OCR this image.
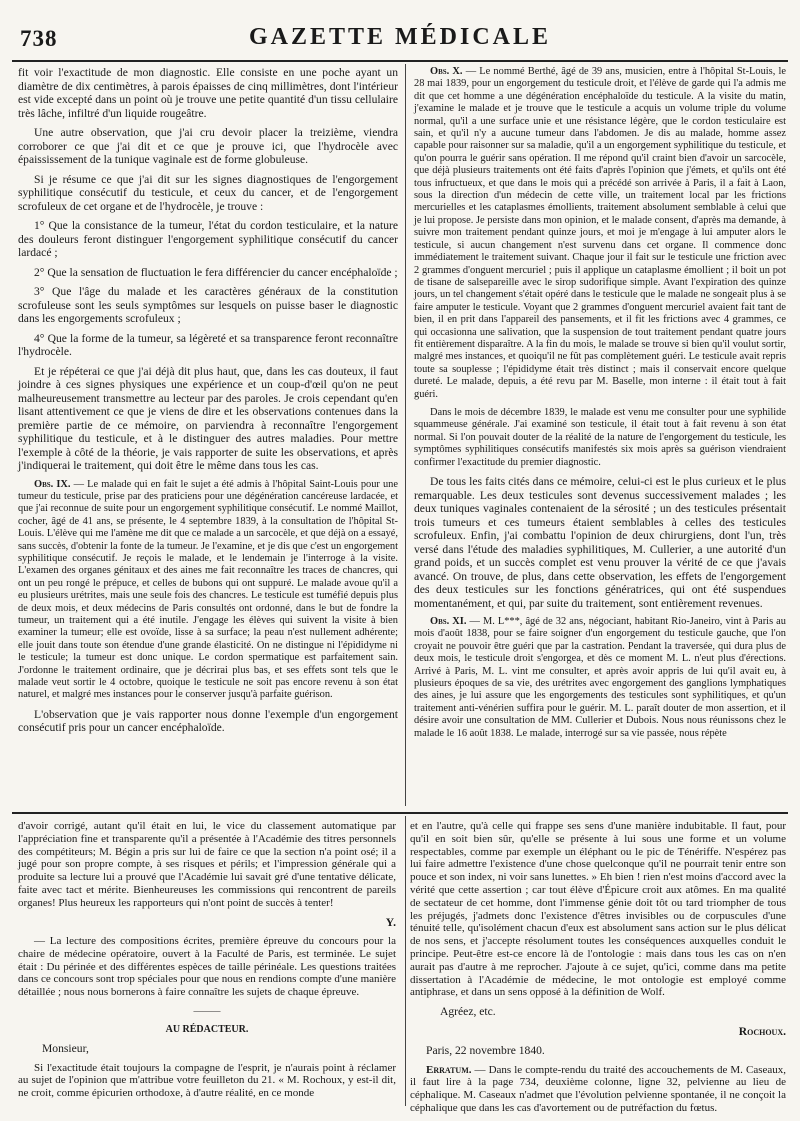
738	GAZETTE MÉDICALE

fit voir l'exactitude de mon diagnostic. Elle consiste en une poche ayant un diamètre de dix centimètres, à parois épaisses de cinq millimètres, dont l'intérieur est vide excepté dans un point où je trouve une petite quantité d'un tissu cellulaire très lâche, infiltré d'un liquide rougeâtre.

Une autre observation, que j'ai cru devoir placer la treizième, viendra corroborer ce que j'ai dit et ce que je prouve ici, que l'hydrocèle avec épaississement de la tunique vaginale est de forme globuleuse.

Si je résume ce que j'ai dit sur les signes diagnostiques de l'engorgement syphilitique consécutif du testicule, et ceux du cancer, et de l'engorgement scrofuleux de cet organe et de l'hydrocèle, je trouve :

1° Que la consistance de la tumeur, l'état du cordon testiculaire, et la nature des douleurs feront distinguer l'engorgement syphilitique consécutif du cancer lardacé ;

2° Que la sensation de fluctuation le fera différencier du cancer encéphaloïde ;

3° Que l'âge du malade et les caractères généraux de la constitution scrofuleuse sont les seuls symptômes sur lesquels on puisse baser le diagnostic dans les engorgements scrofuleux ;

4° Que la forme de la tumeur, sa légèreté et sa transparence feront reconnaître l'hydrocèle.

Et je répéterai ce que j'ai déjà dit plus haut, que, dans les cas douteux, il faut joindre à ces signes physiques une expérience et un coup-d'œil qu'on ne peut malheureusement transmettre au lecteur par des paroles. Je crois cependant qu'en lisant attentivement ce que je viens de dire et les observations contenues dans la première partie de ce mémoire, on parviendra à reconnaître l'engorgement syphilitique du testicule, et à le distinguer des autres maladies. Pour mettre l'exemple à côté de la théorie, je vais rapporter de suite les observations, et après j'indiquerai le traitement, qui doit être le même dans tous les cas.

Obs. IX. — Le malade qui en fait le sujet a été admis à l'hôpital Saint-Louis pour une tumeur du testicule, prise par des praticiens pour une dégénération cancéreuse lardacée, et que j'ai reconnue de suite pour un engorgement syphilitique consécutif. Le nommé Maillot, cocher, âgé de 41 ans, se présente, le 4 septembre 1839, à la consultation de l'hôpital St-Louis. L'élève qui me l'amène me dit que ce malade a un sarcocèle, et que déjà on a essayé, sans succès, d'obtenir la fonte de la tumeur. Je l'examine, et je dis que c'est un engorgement syphilitique consécutif. Je reçois le malade, et le lendemain je l'interroge à la visite. L'examen des organes génitaux et des aines me fait reconnaître les traces de chancres, qui ont un peu rongé le prépuce, et celles de bubons qui ont suppuré. Le malade avoue qu'il a eu plusieurs urétrites, mais une seule fois des chancres. Le testicule est tuméfié depuis plus de deux mois, et deux médecins de Paris consultés ont ordonné, dans le but de fondre la tumeur, un traitement qui a été inutile. J'engage les élèves qui suivent la visite à bien examiner la tumeur; elle est ovoïde, lisse à sa surface; la peau n'est nullement adhérente; elle jouit dans toute son étendue d'une grande élasticité. On ne distingue ni l'épididyme ni le testicule; la tumeur est donc unique. Le cordon spermatique est parfaitement sain. J'ordonne le traitement ordinaire, que je décrirai plus bas, et ses effets sont tels que le malade veut sortir le 4 octobre, quoique le testicule ne soit pas encore revenu à son état naturel, et malgré mes instances pour le conserver jusqu'à parfaite guérison.

L'observation que je vais rapporter nous donne l'exemple d'un engorgement consécutif pris pour un cancer encéphaloïde.

Obs. X. — Le nommé Berthé, âgé de 39 ans, musicien, entre à l'hôpital St-Louis, le 28 mai 1839, pour un engorgement du testicule droit, et l'élève de garde qui l'a admis me dit que cet homme a une dégénération encéphaloïde du testicule. A la visite du matin, j'examine le malade et je trouve que le testicule a acquis un volume triple du volume normal, qu'il a une surface unie et une résistance légère, que le cordon testiculaire est sain, et qu'il n'y a aucune tumeur dans l'abdomen. Je dis au malade, homme assez capable pour raisonner sur sa maladie, qu'il a un engorgement syphilitique du testicule, et qu'on pourra le guérir sans opération. Il me répond qu'il craint bien d'avoir un sarcocèle, que déjà plusieurs traitements ont été faits d'après l'opinion que j'émets, et qu'ils ont été tous infructueux, et que dans le mois qui a précédé son arrivée à Paris, il a fait à Laon, sous la direction d'un médecin de cette ville, un traitement local par les frictions mercurielles et les cataplasmes émollients, traitement absolument semblable à celui que je lui propose. Je persiste dans mon opinion, et le malade consent, d'après ma demande, à suivre mon traitement pendant quinze jours, et moi je m'engage à lui amputer alors le testicule, si aucun changement n'est survenu dans cet organe. Il commence donc immédiatement le traitement suivant. Chaque jour il fait sur le testicule une friction avec 2 grammes d'onguent mercuriel ; puis il applique un cataplasme émollient ; il boit un pot de tisane de salsepareille avec le sirop sudorifique simple. Avant l'expiration des quinze jours, un tel changement s'était opéré dans le testicule que le malade ne songeait plus à se faire amputer le testicule. Voyant que 2 grammes d'onguent mercuriel avaient fait tant de bien, il en prit dans l'appareil des pansements, et il fit les frictions avec 4 grammes, ce qui occasionna une salivation, que la suspension de tout traitement pendant quatre jours fit entièrement disparaître. A la fin du mois, le malade se trouve si bien qu'il voulut sortir, malgré mes instances, et quoiqu'il ne fût pas complètement guéri. Le testicule avait repris toute sa souplesse ; l'épididyme était très distinct ; mais il conservait encore quelque dureté. Le malade, depuis, a été revu par M. Baselle, mon interne : il était tout à fait guéri.

Dans le mois de décembre 1839, le malade est venu me consulter pour une syphilide squammeuse générale. J'ai examiné son testicule, il était tout à fait revenu à son état normal. Si l'on pouvait douter de la réalité de la nature de l'engorgement du testicule, les symptômes syphilitiques consécutifs manifestés six mois après sa guérison viendraient confirmer l'exactitude du premier diagnostic.

De tous les faits cités dans ce mémoire, celui-ci est le plus curieux et le plus remarquable. Les deux testicules sont devenus successivement malades ; les deux tuniques vaginales contenaient de la sérosité ; un des testicules présentait trois tumeurs et ces tumeurs étaient semblables à celles des testicules scrofuleux. Enfin, j'ai combattu l'opinion de deux chirurgiens, dont l'un, très versé dans l'étude des maladies syphilitiques, M. Cullerier, a une autorité d'un grand poids, et un succès complet est venu prouver la vérité de ce que j'avais avancé. On trouve, de plus, dans cette observation, les effets de l'engorgement des deux testicules sur les fonctions génératrices, qui ont été suspendues momentanément, et qui, par suite du traitement, sont entièrement revenues.

Obs. XI. — M. L***, âgé de 32 ans, négociant, habitant Rio-Janeiro, vint à Paris au mois d'août 1838, pour se faire soigner d'un engorgement du testicule gauche, que l'on croyait ne pouvoir être guéri que par la castration. Pendant la traversée, qui dura plus de deux mois, le testicule droit s'engorgea, et dès ce moment M. L. n'eut plus d'érections. Arrivé à Paris, M. L. vint me consulter, et après avoir appris de lui qu'il avait eu, à plusieurs époques de sa vie, des urétrites avec engorgement des ganglions lymphatiques des aines, je lui assure que les engorgements des testicules sont syphilitiques, et qu'un traitement anti-vénérien suffira pour le guérir. M. L. paraît douter de mon assertion, et il désire avoir une consultation de MM. Cullerier et Dubois. Nous nous réunissons chez le malade le 16 août 1838. Le malade, interrogé sur sa vie passée, nous répète

d'avoir corrigé, autant qu'il était en lui, le vice du classement automatique par l'appréciation fine et transparente qu'il a présentée à l'Académie des titres personnels des compétiteurs; M. Bégin a pris sur lui de faire ce que la section n'a point osé; il a jugé pour son propre compte, à ses risques et périls; et l'impression générale qui a produite sa lecture lui a prouvé que l'Académie lui savait gré d'une tentative délicate, faite avec tact et mérite. Bienheureuses les commissions qui rencontrent de pareils organes! Plus heureux les rapporteurs qui n'ont point de succès à tenter!

Y.

— La lecture des compositions écrites, première épreuve du concours pour la chaire de médecine opératoire, ouvert à la Faculté de Paris, est terminée. Le sujet était : Du périnée et des différentes espèces de taille périnéale. Les questions traitées dans ce concours sont trop spéciales pour que nous en rendions compte d'une manière détaillée ; nous nous bornerons à faire connaître les sujets de chaque épreuve.

———

AU RÉDACTEUR.

Monsieur,

Si l'exactitude était toujours la compagne de l'esprit, je n'aurais point à réclamer au sujet de l'opinion que m'attribue votre feuilleton du 21. « M. Rochoux, y est-il dit, ne croit, comme épicurien orthodoxe, à d'autre réalité, en ce monde

et en l'autre, qu'à celle qui frappe ses sens d'une manière indubitable. Il faut, pour qu'il en soit bien sûr, qu'elle se présente à lui sous une forme et un volume respectables, comme par exemple un éléphant ou le pic de Ténériffe. N'espérez pas lui faire admettre l'existence d'une chose quelconque qu'il ne pourrait tenir entre son pouce et son index, ni voir sans lunettes. » Eh bien ! rien n'est moins d'accord avec la vérité que cette assertion ; car tout élève d'Épicure croit aux atômes. En ma qualité de sectateur de cet homme, dont l'immense génie doit tôt ou tard triompher de tous les préjugés, j'admets donc l'existence d'êtres invisibles ou de corpuscules d'une ténuité telle, qu'isolément chacun d'eux est absolument sans action sur le plus délicat de nos sens, et j'accepte résolument toutes les conséquences auxquelles conduit le principe. Peut-être est-ce encore là de l'ontologie : mais dans tous les cas on n'en aurait pas d'autre à me reprocher. J'ajoute à ce sujet, qu'ici, comme dans ma petite dissertation à l'Académie de médecine, le mot ontologie est employé comme antiphrase, et dans un sens opposé à la définition de Wolf.

Agréez, etc.

Rochoux.

Paris, 22 novembre 1840.

Erratum. — Dans le compte-rendu du traité des accouchements de M. Caseaux, il faut lire à la page 734, deuxième colonne, ligne 32, pelvienne au lieu de céphalique. M. Caseaux n'admet que l'évolution pelvienne spontanée, il ne conçoit la céphalique que dans les cas d'avortement ou de putréfaction du fœtus.
